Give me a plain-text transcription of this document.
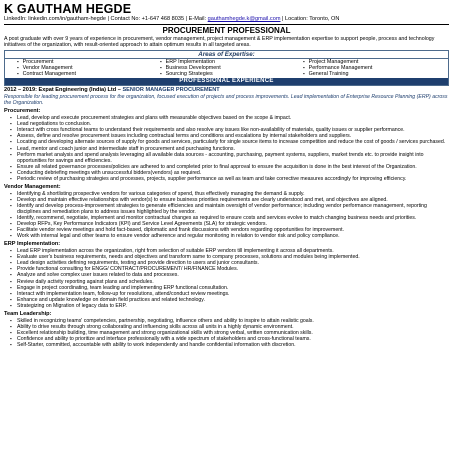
K GAUTHAM HEGDE
LinkedIn: linkedin.com/in/gautham-hegde | Contact No: +1-647 468 8035 | E-Mail: gauthamhegde.k@gmail.com | Location: Toronto, ON
PROCUREMENT PROFESSIONAL
A post graduate with over 9 years of experience in procurement, vendor management, project management & ERP implementation expertise to support people, process and technology initiatives of the organization, with result-oriented approach to attain optimum results in all targeted areas.
Areas of Expertise:
▪ Procurement	▪ ERP Implementation	▪ Project Management
▪ Vendor Management	▪ Business Development	▪ Performance Management
▪ Contract Management	▪ Sourcing Strategies	▪ General Training
PROFESSIONAL EXPERIENCE
2012 – 2019: Expat Engineering (India) Ltd – SENIOR MANAGER PROCUREMENT
Responsible for leading procurement process for the organization, focused execution of projects and process improvements. Lead implementation of Enterprise Resource Planning (ERP) across the Organization.
Procurement:
▪ Lead, develop and execute procurement strategies and plans with measurable objectives based on the scope & impact.
▪ Lead negotiations to conclusion.
▪ Interact with cross functional teams to understand their requirements and also resolve any issues like non-availability of materials, quality issues or supplier performance.
▪ Assess, define and resolve procurement issues including contractual terms and conditions and escalations by internal stakeholders and suppliers.
▪ Locating and developing alternate sources of supply for goods and services, particularly for single source items to increase competition and reduce the cost of goods / services purchased.
▪ Lead, mentor and coach junior and intermediate staff in procurement and purchasing functions.
▪ Perform market analysis and spend analysis leveraging all available data sources - accounting, purchasing, payment systems, suppliers, market trends etc. to provide insight into opportunities for savings and efficiencies.
▪ Ensure all related governance processes/policies are adhered to and completed prior to final approval to ensure the acquisition is done in the best interest of the Organization.
▪ Conducting debriefing meetings with unsuccessful bidders(vendors) as required.
▪ Periodic review of purchasing strategies and processes, projects, supplier performance as well as team and take corrective measures accordingly for improving efficiency.
Vendor Management:
▪ Identifying & shortlisting prospective vendors for various categories of spend, thus effectively managing the demand & supply.
▪ Develop and maintain effective relationships with vendor(s) to ensure business priorities requirements are clearly understood and met, and objectives are aligned.
▪ Identify and develop process-improvement strategies to generate efficiencies and maintain oversight of vendor performance; including vendor performance management, reporting disciplines and remediation plans to address issues highlighted by the vendor.
▪ Identify, recommend, negotiate, implement and monitor contractual changes as required to ensure costs and services evolve to match changing business needs and priorities.
▪ Develop RFPs, Key Performance Indicators (KPI) and Service Level Agreements (SLA) for strategic vendors.
▪ Facilitate vendor review meetings and hold fact-based, diplomatic and frank discussions with vendors regarding opportunities for improvement.
▪ Work with internal legal and other teams to ensure vendor adherence and regular monitoring in relation to vendor risk and policy compliance.
ERP Implementation:
▪ Lead ERP implementation across the organization, right from selection of suitable ERP vendors till implementing it across all departments.
▪ Evaluate user's business requirements, needs and objectives and transform same to company processes, solutions and modules being implemented.
▪ Lead design activities defining requirements, testing and provide direction to users and junior consultants.
▪ Provide functional consulting for ENGG/ CONTRACT/PROCUREMENT/ HR/FINANCE Modules.
▪ Analyze and solve complex user issues related to data and processes.
▪ Review daily activity reporting against plans and schedules.
▪ Engage in project coordinating, team leading and implementing ERP functional consultation.
▪ Interact with implementation team, follow-up for resolutions, attend/conduct review meetings.
▪ Enhance and update knowledge on domain field practices and related technology.
▪ Strategizing on Migration of legacy data to ERP.
Team Leadership:
▪ Skilled in recognizing teams' competencies, partnership, negotiating, influence others and ability to inspire to attain realistic goals.
▪ Ability to drive results through strong collaborating and influencing skills across all units in a highly dynamic environment.
▪ Excellent relationship building, time management and strong organizational skills with strong verbal, written communication skills.
▪ Confidence and ability to prioritize and interface professionally with a wide spectrum of stakeholders and cross-functional teams.
▪ Self-Starter, committed, accountable with ability to work independently and handle confidential information with discretion.
